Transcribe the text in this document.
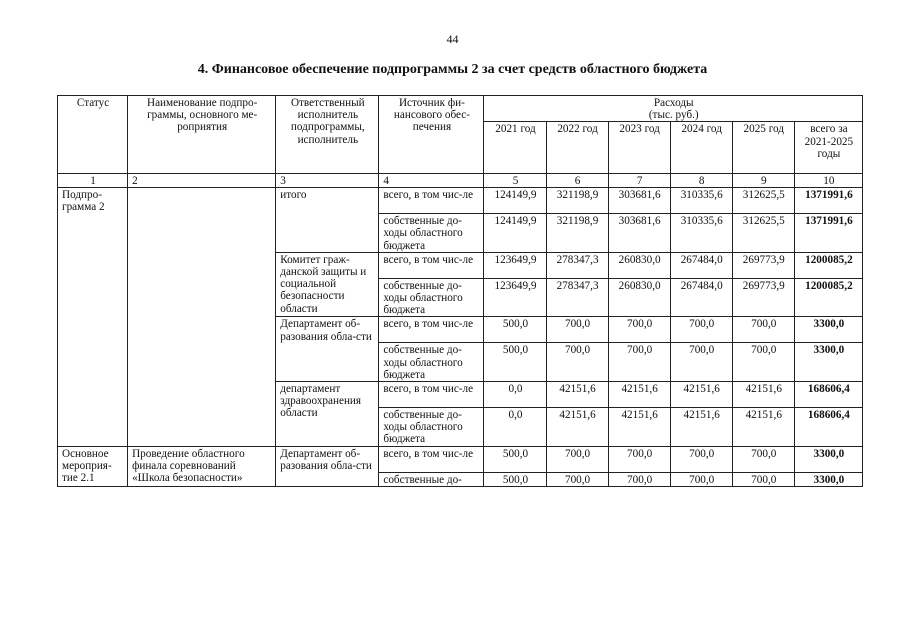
44
4. Финансовое обеспечение подпрограммы 2 за счет средств областного бюджета
Статус	Наименование подпро-граммы, основного ме-роприятия	Ответственный исполнитель подпрограммы, исполнитель	Источник фи-нансового обес-печения	Расходы
(тыс. руб.)					
				2021 год	2022 год	2023 год	2024 год	2025 год	всего за 2021-2025 годы
1	2	3	4	5	6	7	8	9	10
Подпро-грамма 2		итого	всего, в том чис-ле	124149,9	321198,9	303681,6	310335,6	312625,5	1371991,6
			собственные до-ходы областного бюджета	124149,9	321198,9	303681,6	310335,6	312625,5	1371991,6
		Комитет граж-данской защиты и социальной безопасности области	всего, в том чис-ле	123649,9	278347,3	260830,0	267484,0	269773,9	1200085,2
			собственные до-ходы областного бюджета	123649,9	278347,3	260830,0	267484,0	269773,9	1200085,2
		Департамент об-разования обла-сти	всего, в том чис-ле	500,0	700,0	700,0	700,0	700,0	3300,0
			собственные до-ходы областного бюджета	500,0	700,0	700,0	700,0	700,0	3300,0
		департамент здравоохранения области	всего, в том чис-ле	0,0	42151,6	42151,6	42151,6	42151,6	168606,4
			собственные до-ходы областного бюджета	0,0	42151,6	42151,6	42151,6	42151,6	168606,4
Основное мероприя-тие 2.1	Проведение областного финала соревнований «Школа безопасности»	Департамент об-разования обла-сти	всего, в том чис-ле	500,0	700,0	700,0	700,0	700,0	3300,0
			собственные до-	500,0	700,0	700,0	700,0	700,0	3300,0
